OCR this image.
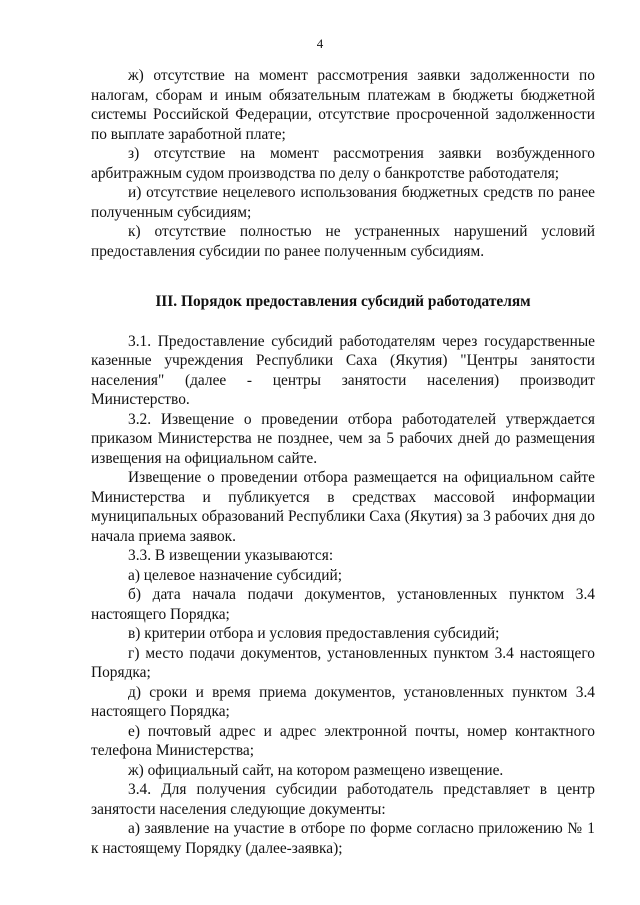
4

ж) отсутствие на момент рассмотрения заявки задолженности по налогам, сборам и иным обязательным платежам в бюджеты бюджетной системы Российской Федерации, отсутствие просроченной задолженности по выплате заработной плате;

з) отсутствие на момент рассмотрения заявки возбужденного арбитражным судом производства по делу о банкротстве работодателя;

и) отсутствие нецелевого использования бюджетных средств по ранее полученным субсидиям;

к) отсутствие полностью не устраненных нарушений условий предоставления субсидии по ранее полученным субсидиям.

III. Порядок предоставления субсидий работодателям

3.1. Предоставление субсидий работодателям через государственные казенные учреждения Республики Саха (Якутия) "Центры занятости населения" (далее - центры занятости населения) производит Министерство.

3.2. Извещение о проведении отбора работодателей утверждается приказом Министерства не позднее, чем за 5 рабочих дней до размещения извещения на официальном сайте.

Извещение о проведении отбора размещается на официальном сайте Министерства и публикуется в средствах массовой информации муниципальных образований Республики Саха (Якутия) за 3 рабочих дня до начала приема заявок.

3.3. В извещении указываются:

а) целевое назначение субсидий;

б) дата начала подачи документов, установленных пунктом 3.4 настоящего Порядка;

в) критерии отбора и условия предоставления субсидий;

г) место подачи документов, установленных пунктом 3.4 настоящего Порядка;

д) сроки и время приема документов, установленных пунктом 3.4 настоящего Порядка;

е) почтовый адрес и адрес электронной почты, номер контактного телефона Министерства;

ж) официальный сайт, на котором размещено извещение.

3.4. Для получения субсидии работодатель представляет в центр занятости населения следующие документы:

а) заявление на участие в отборе по форме согласно приложению № 1 к настоящему Порядку (далее-заявка);
